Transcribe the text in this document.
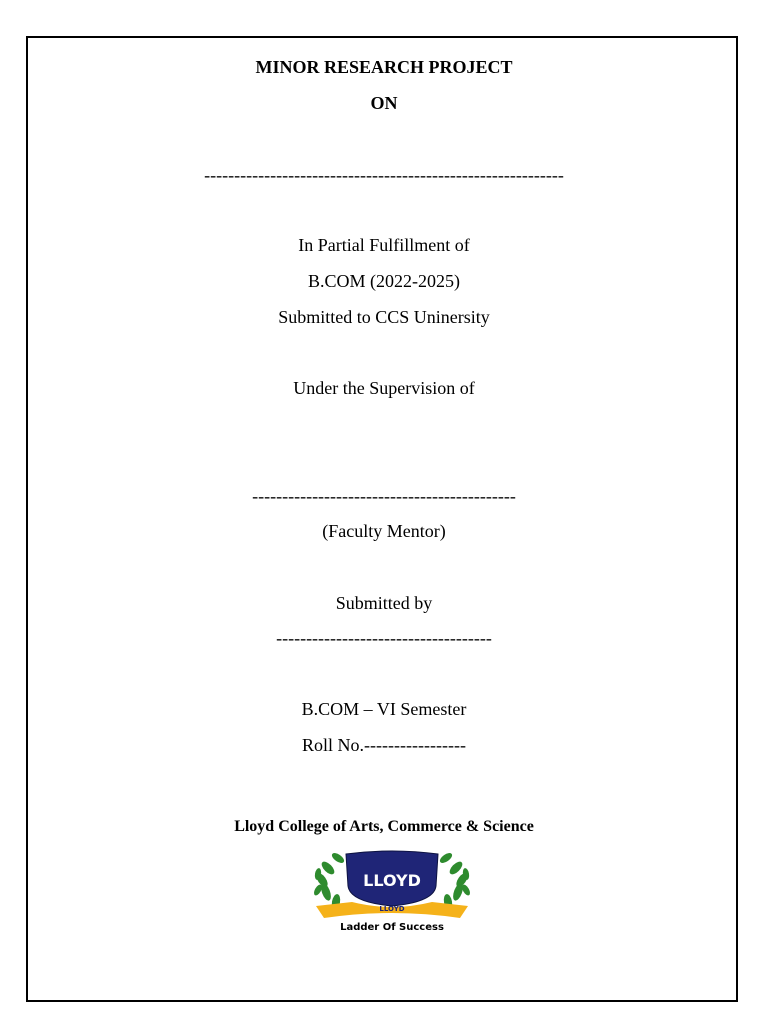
MINOR RESEARCH PROJECT
ON
------------------------------------------------------------
In Partial Fulfillment of
B.COM (2022-2025)
Submitted to CCS Uninersity
Under the Supervision of
--------------------------------------------
(Faculty Mentor)
Submitted by
------------------------------------
B.COM – VI Semester
Roll No.-----------------
Lloyd College of Arts, Commerce & Science
LLOYD
LLOYD
Ladder Of Success
